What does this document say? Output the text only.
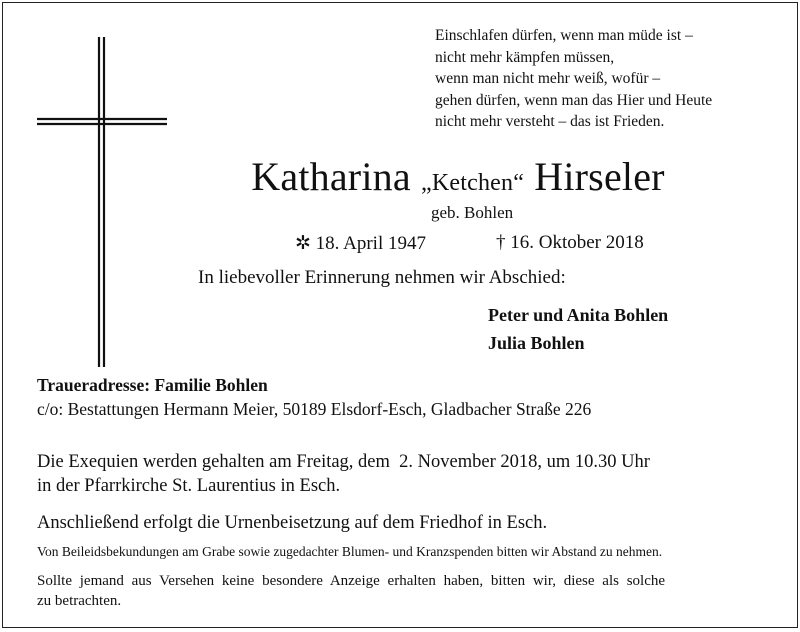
Einschlafen dürfen, wenn man müde ist –
nicht mehr kämpfen müssen,
wenn man nicht mehr weiß, wofür –
gehen dürfen, wenn man das Hier und Heute
nicht mehr versteht – das ist Frieden.
Katharina „Ketchen“ Hirseler
geb. Bohlen
✲ 18. April 1947	† 16. Oktober 2018
In liebevoller Erinnerung nehmen wir Abschied:
Peter und Anita Bohlen
Julia Bohlen
Traueradresse: Familie Bohlen
c/o: Bestattungen Hermann Meier, 50189 Elsdorf-Esch, Gladbacher Straße 226
Die Exequien werden gehalten am Freitag, dem  2. November 2018, um 10.30 Uhr
in der Pfarrkirche St. Laurentius in Esch.
Anschließend erfolgt die Urnenbeisetzung auf dem Friedhof in Esch.
Von Beileidsbekundungen am Grabe sowie zugedachter Blumen- und Kranzspenden bitten wir Abstand zu nehmen.
Sollte jemand aus Versehen keine besondere Anzeige erhalten haben, bitten wir, diese als solche
zu betrachten.
